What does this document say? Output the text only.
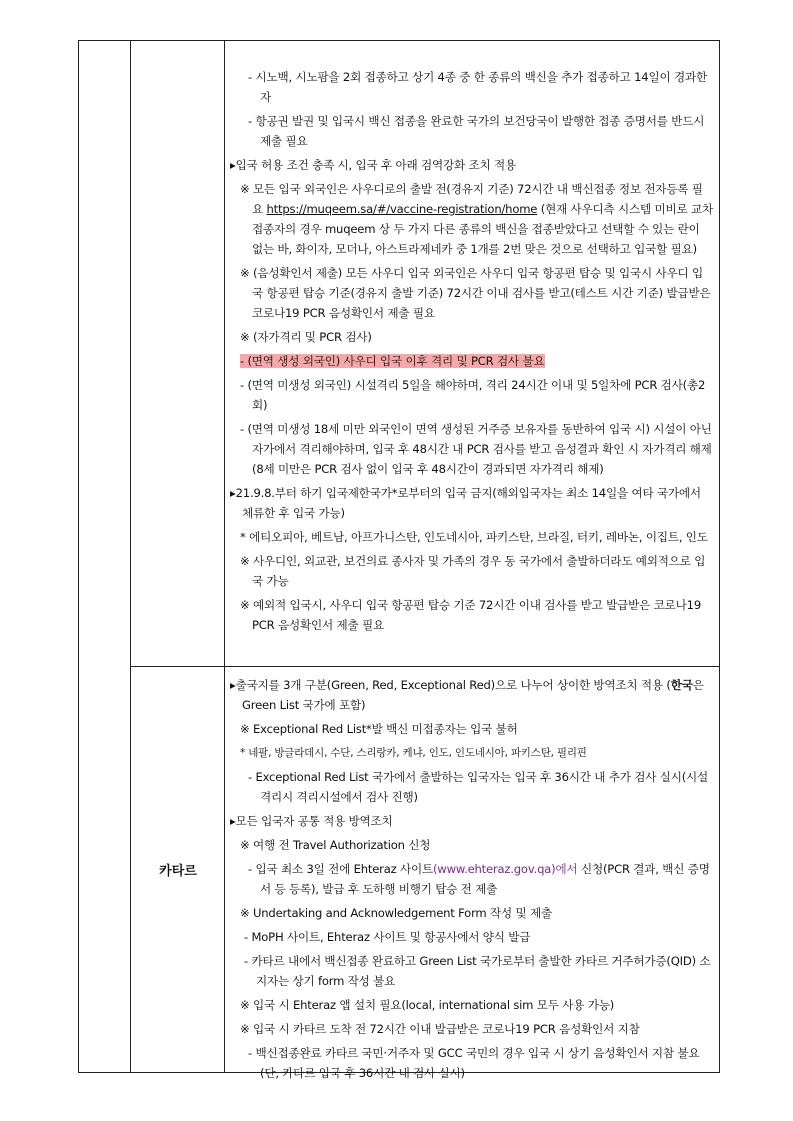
- 시노백, 시노팜을 2회 접종하고 상기 4종 중 한 종류의 백신을 추가 접종하고 14일이 경과한 자

- 항공권 발권 및 입국시 백신 접종을 완료한 국가의 보건당국이 발행한 접종 증명서를 반드시 제출 필요

▸입국 허용 조건 충족 시, 입국 후 아래 검역강화 조치 적용

※ 모든 입국 외국인은 사우디로의 출발 전(경유지 기준) 72시간 내 백신접종 정보 전자등록 필요 https://muqeem.sa/#/vaccine-registration/home (현재 사우디측 시스템 미비로 교차 접종자의 경우 muqeem 상 두 가지 다른 종류의 백신을 접종받았다고 선택할 수 있는 란이 없는 바, 화이자, 모더나, 아스트라제네카 중 1개를 2번 맞은 것으로 선택하고 입국할 필요)

※ (음성확인서 제출) 모든 사우디 입국 외국인은 사우디 입국 항공편 탑승 및 입국시 사우디 입국 항공편 탑승 기준(경유지 출발 기준) 72시간 이내 검사를 받고(테스트 시간 기준) 발급받은 코로나19 PCR 음성확인서 제출 필요

※ (자가격리 및 PCR 검사)

- (면역 생성 외국인) 사우디 입국 이후 격리 및 PCR 검사 불요

- (면역 미생성 외국인) 시설격리 5일을 해야하며, 격리 24시간 이내 및 5일차에 PCR 검사(총2회)

- (면역 미생성 18세 미만 외국인이 면역 생성된 거주증 보유자를 동반하여 입국 시) 시설이 아닌 자가에서 격리해야하며, 입국 후 48시간 내 PCR 검사를 받고 음성결과 확인 시 자가격리 해제(8세 미만은 PCR 검사 없이 입국 후 48시간이 경과되면 자가격리 해제)

▸21.9.8.부터 하기 입국제한국가*로부터의 입국 금지(해외입국자는 최소 14일을 여타 국가에서 체류한 후 입국 가능)

* 에티오피아, 베트남, 아프가니스탄, 인도네시아, 파키스탄, 브라질, 터키, 레바논, 이집트, 인도

※ 사우디인, 외교관, 보건의료 종사자 및 가족의 경우 동 국가에서 출발하더라도 예외적으로 입국 가능

※ 예외적 입국시, 사우디 입국 항공편 탑승 기준 72시간 이내 검사를 받고 발급받은 코로나19 PCR 음성확인서 제출 필요

카타르

▸출국지를 3개 구분(Green, Red, Exceptional Red)으로 나누어 상이한 방역조치 적용 (한국은 Green List 국가에 포함)

※ Exceptional Red List*발 백신 미접종자는 입국 불허

* 네팔, 방글라데시, 수단, 스리랑카, 케냐, 인도, 인도네시아, 파키스탄, 필리핀

- Exceptional Red List 국가에서 출발하는 입국자는 입국 후 36시간 내 추가 검사 실시(시설격리시 격리시설에서 검사 진행)

▸모든 입국자 공통 적용 방역조치

※ 여행 전 Travel Authorization 신청

- 입국 최소 3일 전에 Ehteraz 사이트(www.ehteraz.gov.qa)에서 신청(PCR 결과, 백신 증명서 등 등록), 발급 후 도하행 비행기 탑승 전 제출

※ Undertaking and Acknowledgement Form 작성 및 제출

- MoPH 사이트, Ehteraz 사이트 및 항공사에서 양식 발급

- 카타르 내에서 백신접종 완료하고 Green List 국가로부터 출발한 카타르 거주허가증(QID) 소지자는 상기 form 작성 불요

※ 입국 시 Ehteraz 앱 설치 필요(local, international sim 모두 사용 가능)

※ 입국 시 카타르 도착 전 72시간 이내 발급받은 코로나19 PCR 음성확인서 지참

- 백신접종완료 카타르 국민·거주자 및 GCC 국민의 경우 입국 시 상기 음성확인서 지참 불요(단, 카타르 입국 후 36시간 내 검사 실시)
